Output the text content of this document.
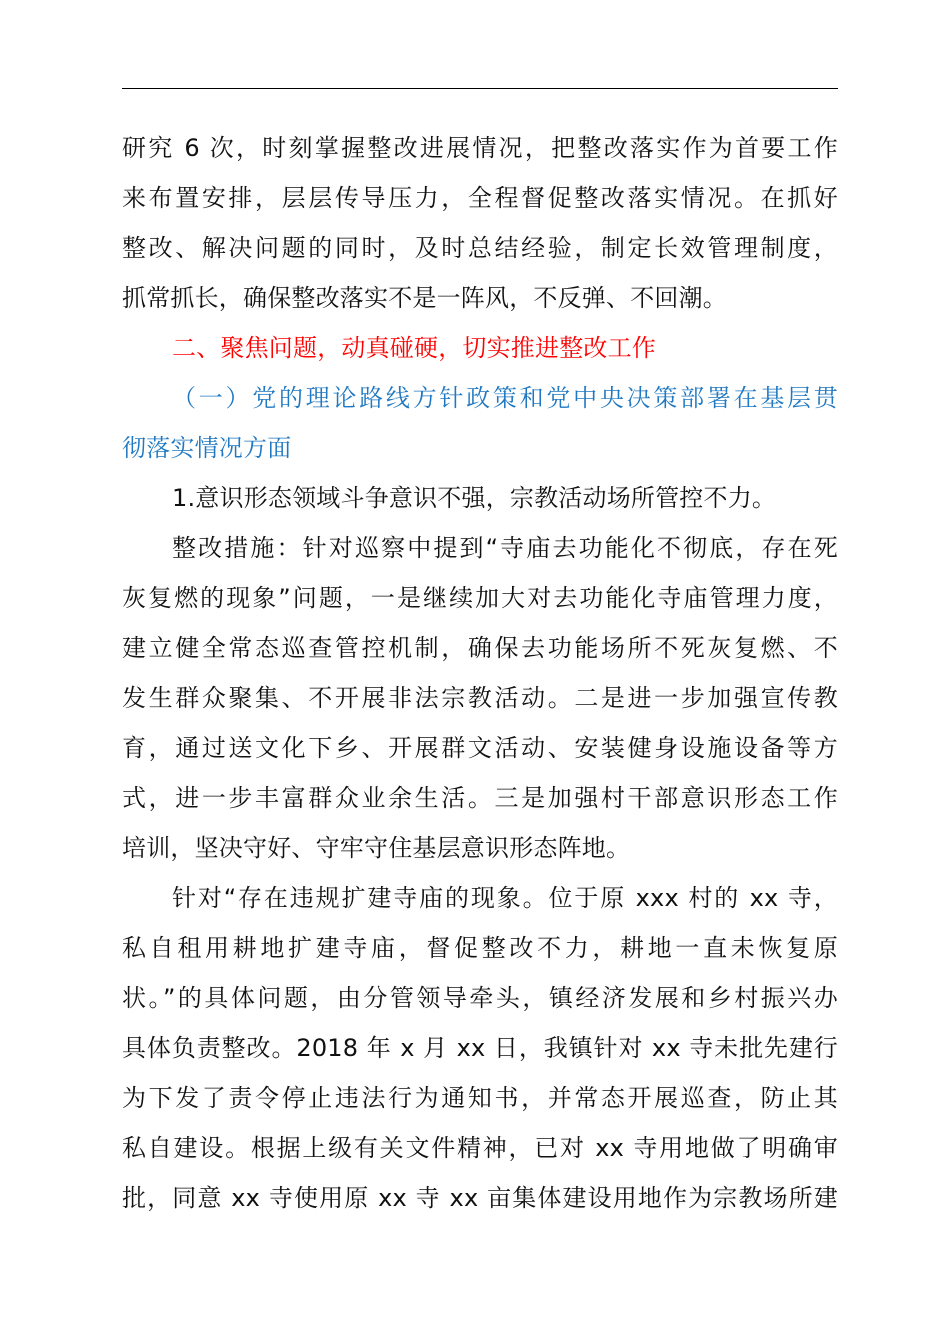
研究 6 次，时刻掌握整改进展情况，把整改落实作为首要工作
来布置安排，层层传导压力，全程督促整改落实情况。在抓好
整改、解决问题的同时，及时总结经验，制定长效管理制度，
抓常抓长，确保整改落实不是一阵风，不反弹、不回潮。
二、聚焦问题，动真碰硬，切实推进整改工作
（一）党的理论路线方针政策和党中央决策部署在基层贯
彻落实情况方面
1.意识形态领域斗争意识不强，宗教活动场所管控不力。
整改措施：针对巡察中提到“寺庙去功能化不彻底，存在死
灰复燃的现象”问题，一是继续加大对去功能化寺庙管理力度，
建立健全常态巡查管控机制，确保去功能场所不死灰复燃、不
发生群众聚集、不开展非法宗教活动。二是进一步加强宣传教
育，通过送文化下乡、开展群文活动、安装健身设施设备等方
式，进一步丰富群众业余生活。三是加强村干部意识形态工作
培训，坚决守好、守牢守住基层意识形态阵地。
针对“存在违规扩建寺庙的现象。位于原 xxx 村的 xx 寺，
私自租用耕地扩建寺庙，督促整改不力，耕地一直未恢复原
状。”的具体问题，由分管领导牵头，镇经济发展和乡村振兴办
具体负责整改。2018 年 x 月 xx 日，我镇针对 xx 寺未批先建行
为下发了责令停止违法行为通知书，并常态开展巡查，防止其
私自建设。根据上级有关文件精神，已对 xx 寺用地做了明确审
批，同意 xx 寺使用原 xx 寺 xx 亩集体建设用地作为宗教场所建
